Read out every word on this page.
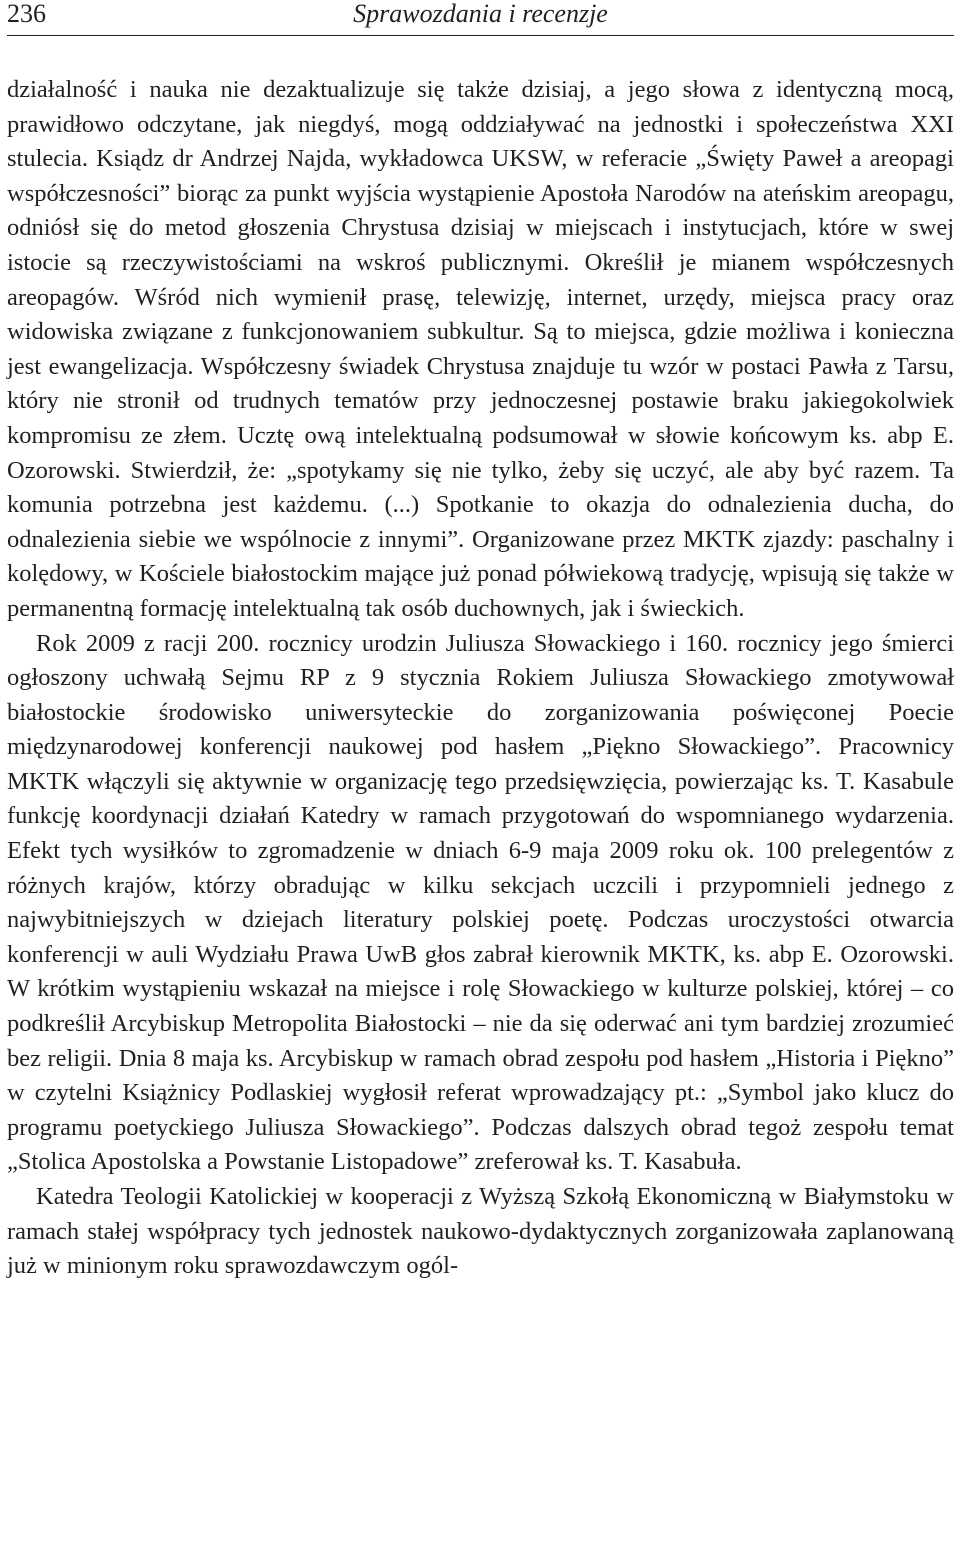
236	Sprawozdania i recenzje

działalność i nauka nie dezaktualizuje się także dzisiaj, a jego słowa z identyczną mocą, prawidłowo odczytane, jak niegdyś, mogą oddziaływać na jednostki i społeczeństwa XXI stulecia. Ksiądz dr Andrzej Najda, wykładowca UKSW, w referacie „Święty Paweł a areopagi współczesności” biorąc za punkt wyjścia wystąpienie Apostoła Narodów na ateńskim areopagu, odniósł się do metod głoszenia Chrystusa dzisiaj w miejscach i instytucjach, które w swej istocie są rzeczywistościami na wskroś publicznymi. Określił je mianem współczesnych areopagów. Wśród nich wymienił prasę, telewizję, internet, urzędy, miejsca pracy oraz widowiska związane z funkcjonowaniem subkultur. Są to miejsca, gdzie możliwa i konieczna jest ewangelizacja. Współczesny świadek Chrystusa znajduje tu wzór w postaci Pawła z Tarsu, który nie stronił od trudnych tematów przy jednoczesnej postawie braku jakiegokolwiek kompromisu ze złem. Ucztę ową intelektualną podsumował w słowie końcowym ks. abp E. Ozorowski. Stwierdził, że: „spotykamy się nie tylko, żeby się uczyć, ale aby być razem. Ta komunia potrzebna jest każdemu. (...) Spotkanie to okazja do odnalezienia ducha, do odnalezienia siebie we wspólnocie z innymi”. Organizowane przez MKTK zjazdy: paschalny i kolędowy, w Kościele białostockim mające już ponad półwiekową tradycję, wpisują się także w permanentną formację intelektualną tak osób duchownych, jak i świeckich.

Rok 2009 z racji 200. rocznicy urodzin Juliusza Słowackiego i 160. rocznicy jego śmierci ogłoszony uchwałą Sejmu RP z 9 stycznia Rokiem Juliusza Słowackiego zmotywował białostockie środowisko uniwersyteckie do zorganizowania poświęconej Poecie międzynarodowej konferencji naukowej pod hasłem „Piękno Słowackiego”. Pracownicy MKTK włączyli się aktywnie w organizację tego przedsięwzięcia, powierzając ks. T. Kasabule funkcję koordynacji działań Katedry w ramach przygotowań do wspomnianego wydarzenia. Efekt tych wysiłków to zgromadzenie w dniach 6-9 maja 2009 roku ok. 100 prelegentów z różnych krajów, którzy obradując w kilku sekcjach uczcili i przypomnieli jednego z najwybitniejszych w dziejach literatury polskiej poetę. Podczas uroczystości otwarcia konferencji w auli Wydziału Prawa UwB głos zabrał kierownik MKTK, ks. abp E. Ozorowski. W krótkim wystąpieniu wskazał na miejsce i rolę Słowackiego w kulturze polskiej, której – co podkreślił Arcybiskup Metropolita Białostocki – nie da się oderwać ani tym bardziej zrozumieć bez religii. Dnia 8 maja ks. Arcybiskup w ramach obrad zespołu pod hasłem „Historia i Piękno” w czytelni Książnicy Podlaskiej wygłosił referat wprowadzający pt.: „Symbol jako klucz do programu poetyckiego Juliusza Słowackiego”. Podczas dalszych obrad tegoż zespołu temat „Stolica Apostolska a Powstanie Listopadowe” zreferował ks. T. Kasabuła.

Katedra Teologii Katolickiej w kooperacji z Wyższą Szkołą Ekonomiczną w Białymstoku w ramach stałej współpracy tych jednostek naukowo-dydaktycznych zorganizowała zaplanowaną już w minionym roku sprawozdawczym ogól-
